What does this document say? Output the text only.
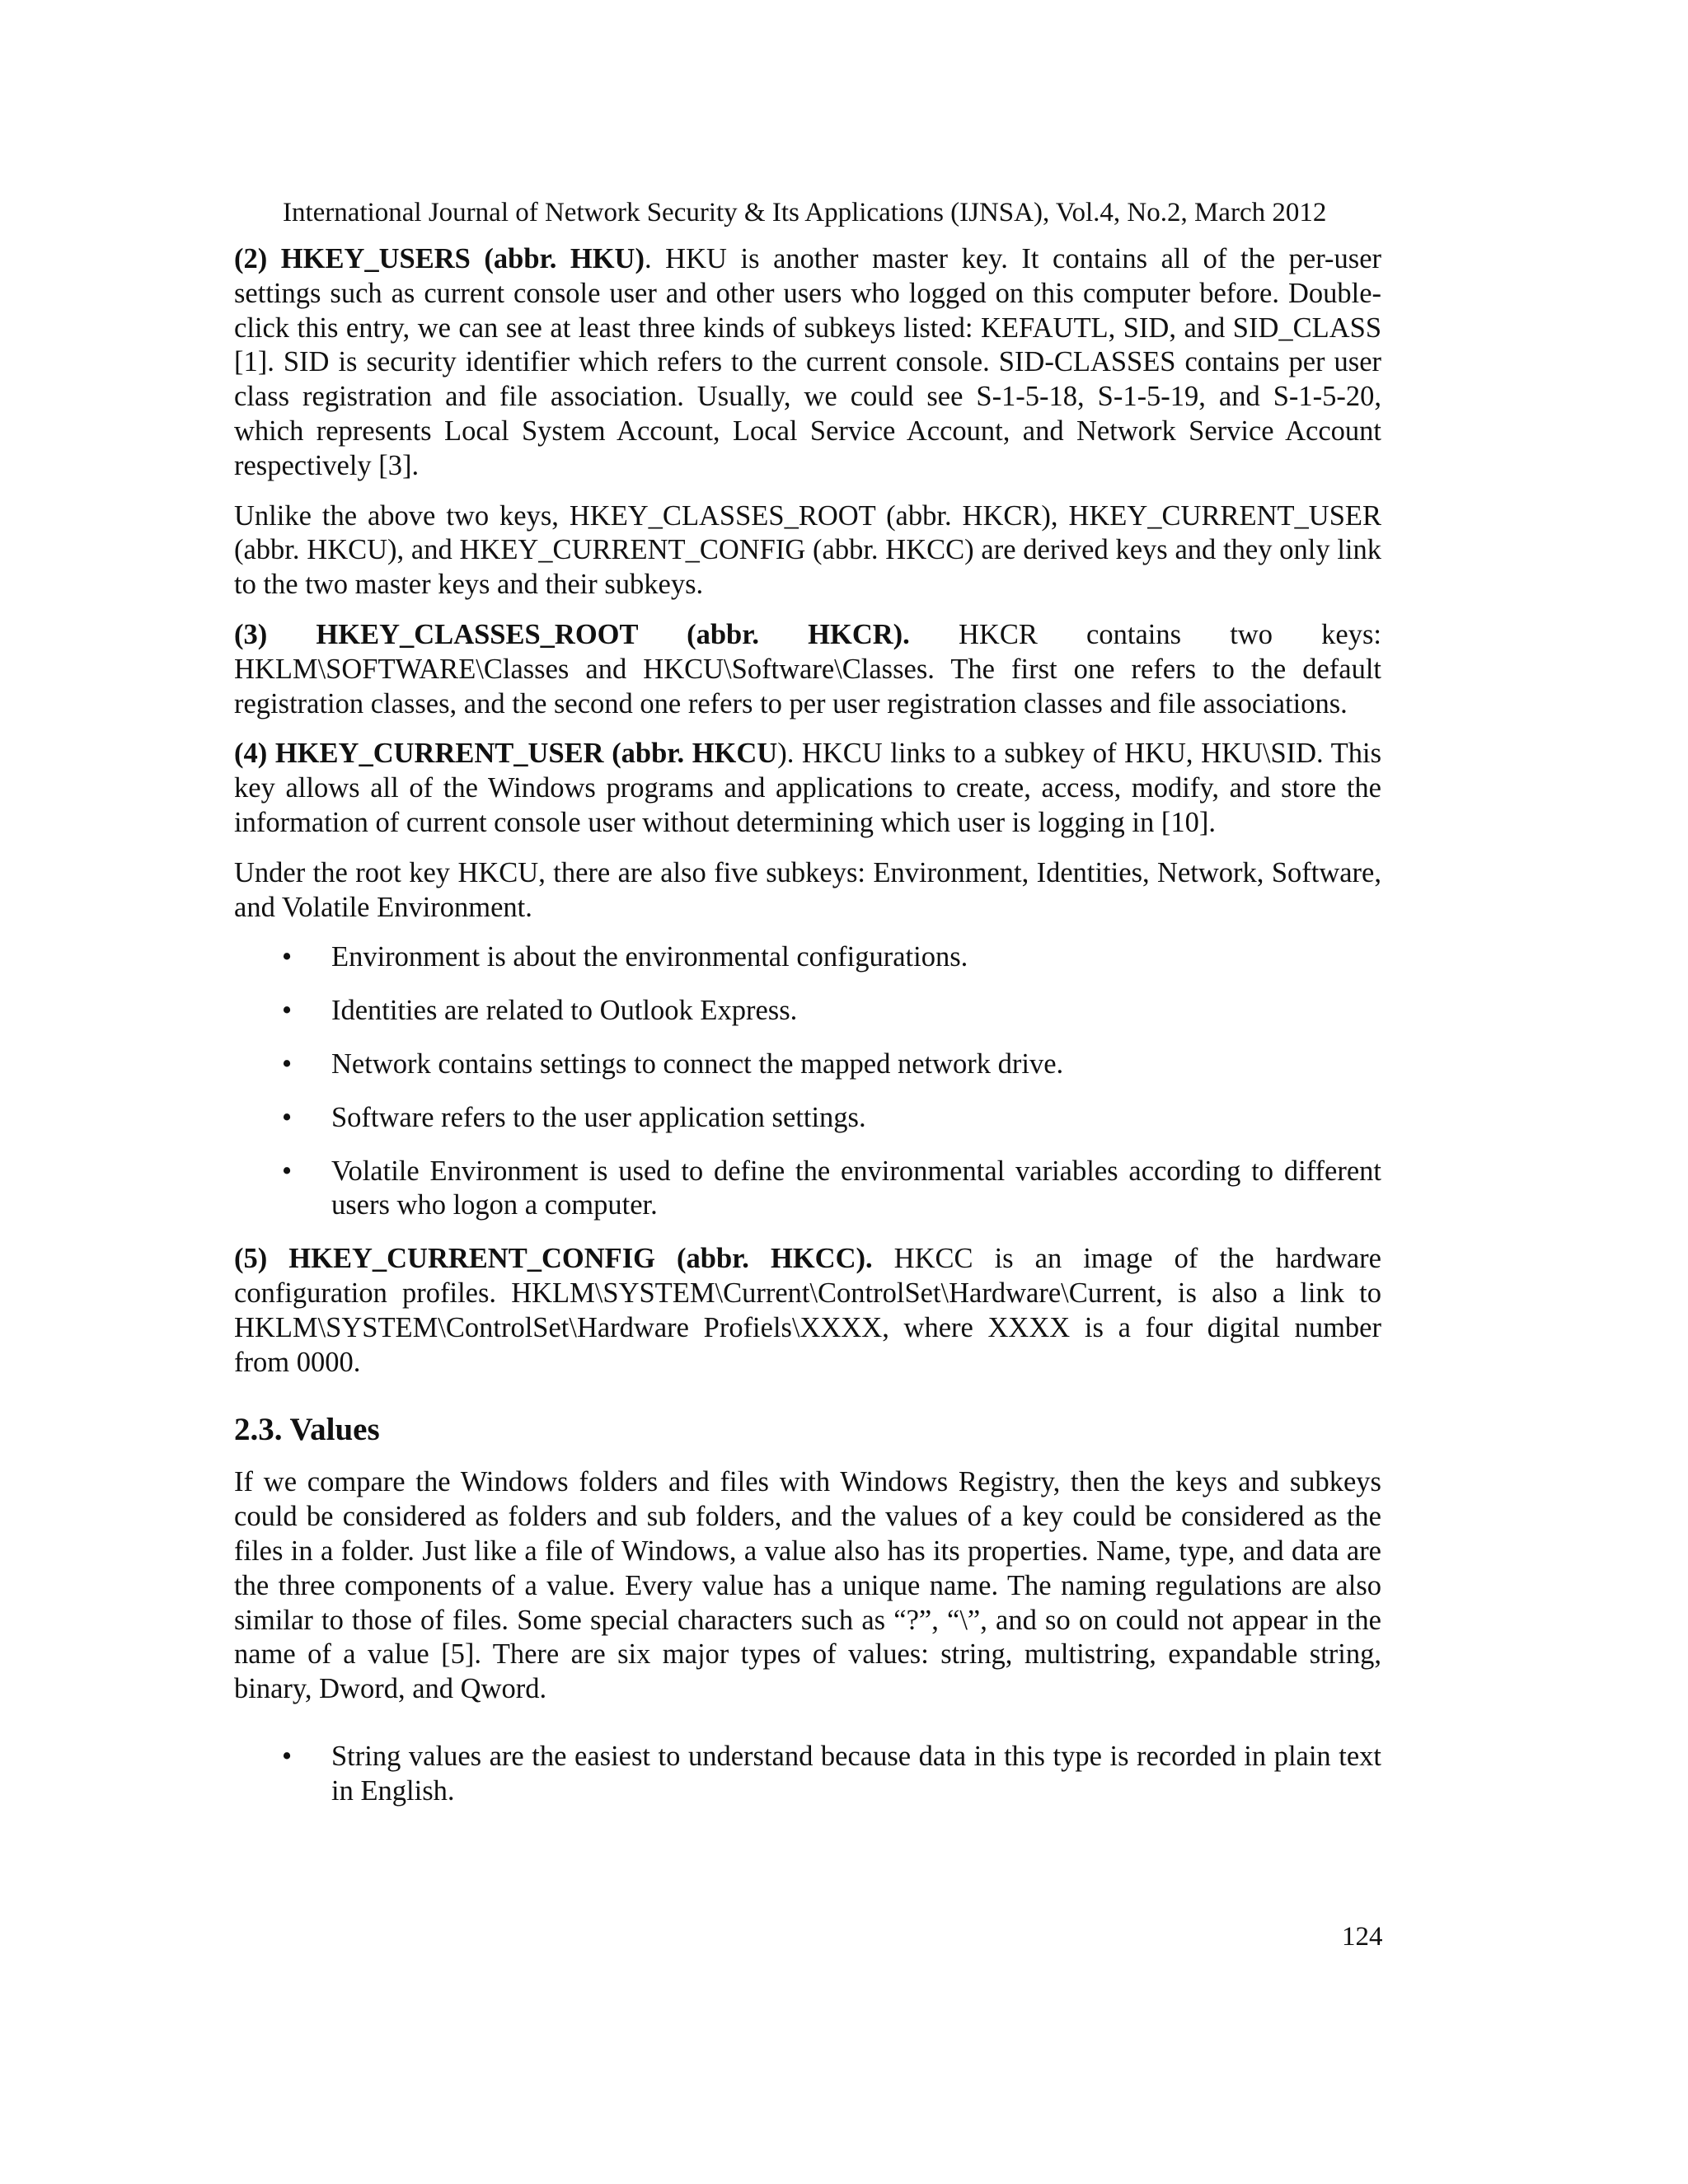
International Journal of Network Security & Its Applications (IJNSA), Vol.4, No.2, March 2012

(2) HKEY_USERS (abbr. HKU). HKU is another master key. It contains all of the per-user settings such as current console user and other users who logged on this computer before. Double-click this entry, we can see at least three kinds of subkeys listed: KEFAUTL, SID, and SID_CLASS [1]. SID is security identifier which refers to the current console. SID-CLASSES contains per user class registration and file association. Usually, we could see S-1-5-18, S-1-5-19, and S-1-5-20, which represents Local System Account, Local Service Account, and Network Service Account respectively [3].

Unlike the above two keys, HKEY_CLASSES_ROOT (abbr. HKCR), HKEY_CURRENT_USER (abbr. HKCU), and HKEY_CURRENT_CONFIG (abbr. HKCC) are derived keys and they only link to the two master keys and their subkeys.

(3) HKEY_CLASSES_ROOT (abbr. HKCR). HKCR contains two keys: HKLM\SOFTWARE\Classes and HKCU\Software\Classes. The first one refers to the default registration classes, and the second one refers to per user registration classes and file associations.

(4) HKEY_CURRENT_USER (abbr. HKCU). HKCU links to a subkey of HKU, HKU\SID. This key allows all of the Windows programs and applications to create, access, modify, and store the information of current console user without determining which user is logging in [10].

Under the root key HKCU, there are also five subkeys: Environment, Identities, Network, Software, and Volatile Environment.

• Environment is about the environmental configurations.
• Identities are related to Outlook Express.
• Network contains settings to connect the mapped network drive.
• Software refers to the user application settings.
• Volatile Environment is used to define the environmental variables according to different users who logon a computer.

(5) HKEY_CURRENT_CONFIG (abbr. HKCC). HKCC is an image of the hardware configuration profiles. HKLM\SYSTEM\Current\ControlSet\Hardware\Current, is also a link to HKLM\SYSTEM\ControlSet\Hardware Profiels\XXXX, where XXXX is a four digital number from 0000.

2.3. Values

If we compare the Windows folders and files with Windows Registry, then the keys and subkeys could be considered as folders and sub folders, and the values of a key could be considered as the files in a folder. Just like a file of Windows, a value also has its properties. Name, type, and data are the three components of a value. Every value has a unique name. The naming regulations are also similar to those of files. Some special characters such as “?”, “\”, and so on could not appear in the name of a value [5]. There are six major types of values: string, multistring, expandable string, binary, Dword, and Qword.

• String values are the easiest to understand because data in this type is recorded in plain text in English.
124
